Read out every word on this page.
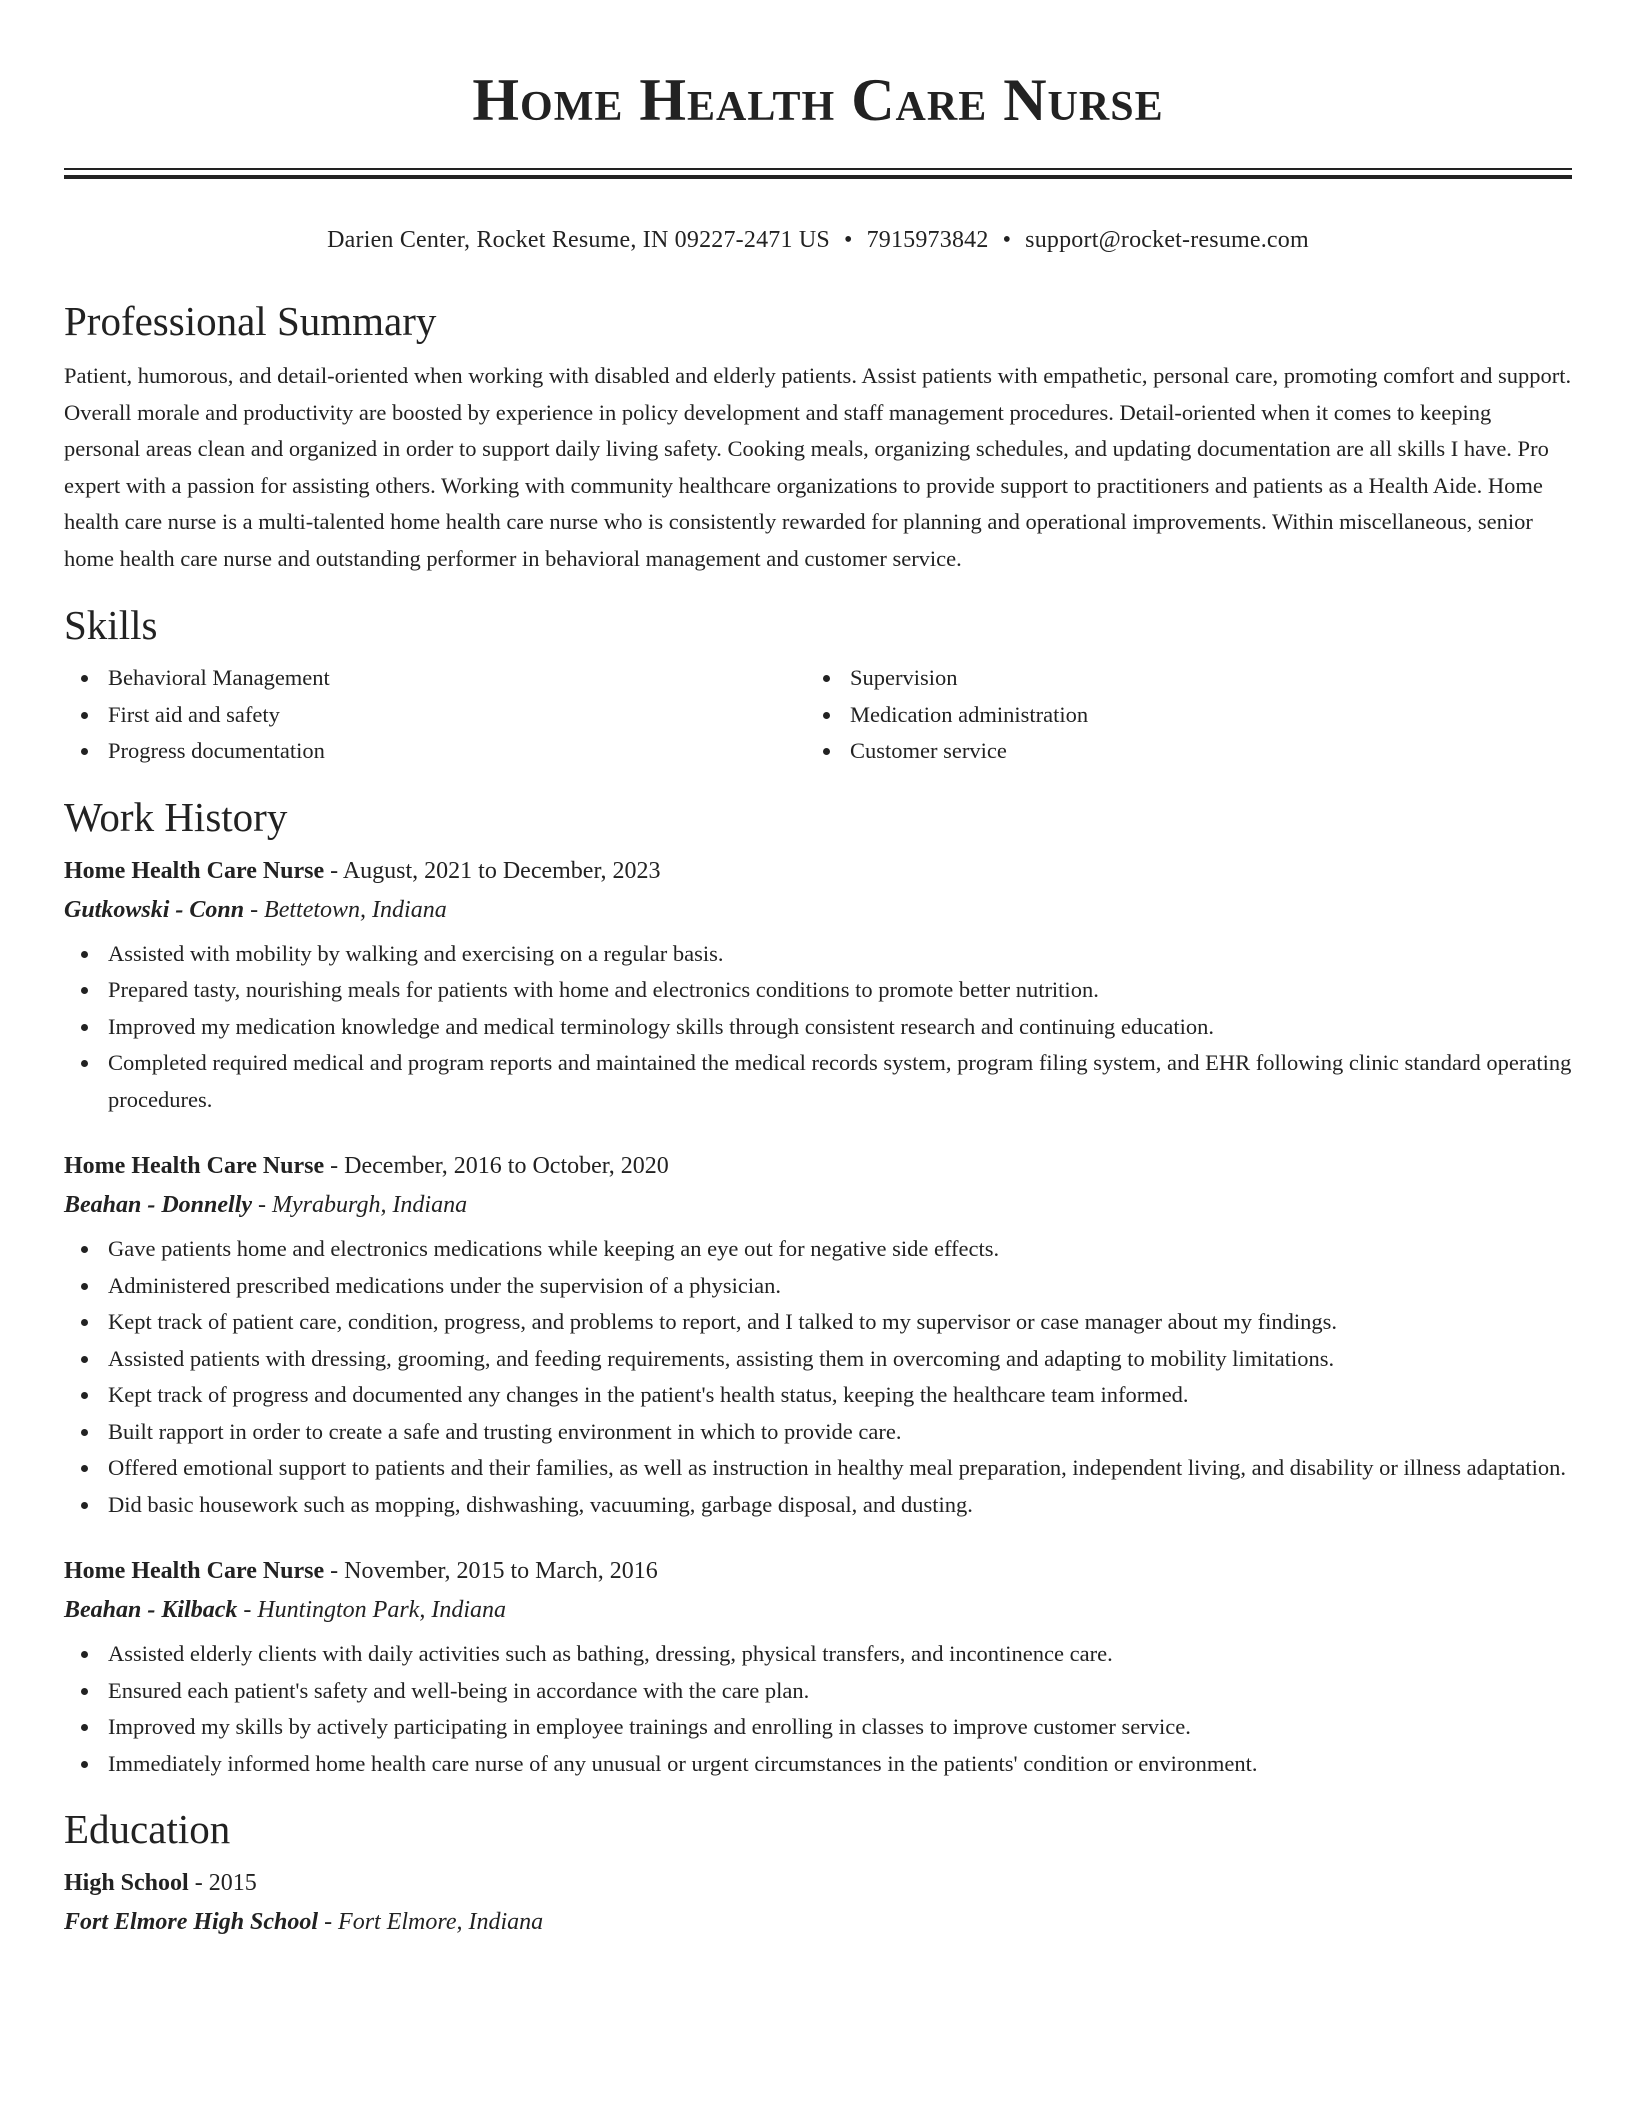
Home Health Care Nurse
Darien Center, Rocket Resume, IN 09227-2471 US • 7915973842 • support@rocket-resume.com
Professional Summary
Patient, humorous, and detail-oriented when working with disabled and elderly patients. Assist patients with empathetic, personal care, promoting comfort and support. Overall morale and productivity are boosted by experience in policy development and staff management procedures. Detail-oriented when it comes to keeping personal areas clean and organized in order to support daily living safety. Cooking meals, organizing schedules, and updating documentation are all skills I have. Pro expert with a passion for assisting others. Working with community healthcare organizations to provide support to practitioners and patients as a Health Aide. Home health care nurse is a multi-talented home health care nurse who is consistently rewarded for planning and operational improvements. Within miscellaneous, senior home health care nurse and outstanding performer in behavioral management and customer service.
Skills
Behavioral Management
First aid and safety
Progress documentation
Supervision
Medication administration
Customer service
Work History
Home Health Care Nurse - August, 2021 to December, 2023
Gutkowski - Conn - Bettetown, Indiana
Assisted with mobility by walking and exercising on a regular basis.
Prepared tasty, nourishing meals for patients with home and electronics conditions to promote better nutrition.
Improved my medication knowledge and medical terminology skills through consistent research and continuing education.
Completed required medical and program reports and maintained the medical records system, program filing system, and EHR following clinic standard operating procedures.
Home Health Care Nurse - December, 2016 to October, 2020
Beahan - Donnelly - Myraburgh, Indiana
Gave patients home and electronics medications while keeping an eye out for negative side effects.
Administered prescribed medications under the supervision of a physician.
Kept track of patient care, condition, progress, and problems to report, and I talked to my supervisor or case manager about my findings.
Assisted patients with dressing, grooming, and feeding requirements, assisting them in overcoming and adapting to mobility limitations.
Kept track of progress and documented any changes in the patient's health status, keeping the healthcare team informed.
Built rapport in order to create a safe and trusting environment in which to provide care.
Offered emotional support to patients and their families, as well as instruction in healthy meal preparation, independent living, and disability or illness adaptation.
Did basic housework such as mopping, dishwashing, vacuuming, garbage disposal, and dusting.
Home Health Care Nurse - November, 2015 to March, 2016
Beahan - Kilback - Huntington Park, Indiana
Assisted elderly clients with daily activities such as bathing, dressing, physical transfers, and incontinence care.
Ensured each patient's safety and well-being in accordance with the care plan.
Improved my skills by actively participating in employee trainings and enrolling in classes to improve customer service.
Immediately informed home health care nurse of any unusual or urgent circumstances in the patients' condition or environment.
Education
High School - 2015
Fort Elmore High School - Fort Elmore, Indiana
